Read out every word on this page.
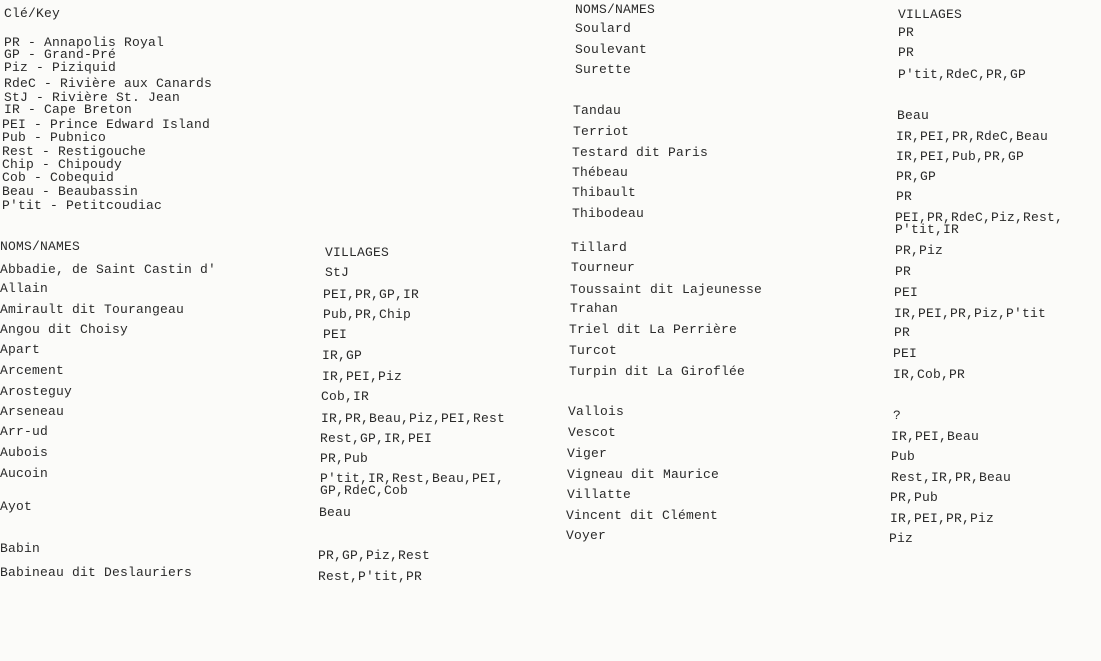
Clé/Key
PR - Annapolis Royal
GP - Grand-Pré
Piz - Piziquid
RdeC - Rivière aux Canards
StJ - Rivière St. Jean
IR - Cape Breton
PEI - Prince Edward Island
Pub - Pubnico
Rest - Restigouche
Chip - Chipoudy
Cob - Cobequid
Beau - Beaubassin
P'tit - Petitcoudiac
NOMS/NAMES
Abbadie, de Saint Castin d'
Allain
Amirault dit Tourangeau
Angou dit Choisy
Apart
Arcement
Arosteguy
Arseneau
Arr-ud
Aubois
Aucoin
Ayot
Babin
Babineau dit Deslauriers
VILLAGES
StJ
PEI,PR,GP,IR
Pub,PR,Chip
PEI
IR,GP
IR,PEI,Piz
Cob,IR
IR,PR,Beau,Piz,PEI,Rest
Rest,GP,IR,PEI
PR,Pub
P'tit,IR,Rest,Beau,PEI,
GP,RdeC,Cob
Beau
PR,GP,Piz,Rest
Rest,P'tit,PR
NOMS/NAMES
Soulard
Soulevant
Surette
Tandau
Terriot
Testard dit Paris
Thébeau
Thibault
Thibodeau
Tillard
Tourneur
Toussaint dit Lajeunesse
Trahan
Triel dit La Perrière
Turcot
Turpin dit La Giroflée
Vallois
Vescot
Viger
Vigneau dit Maurice
Villatte
Vincent dit Clément
Voyer
VILLAGES
PR
PR
P'tit,RdeC,PR,GP
Beau
IR,PEI,PR,RdeC,Beau
IR,PEI,Pub,PR,GP
PR,GP
PR
PEI,PR,RdeC,Piz,Rest,
P'tit,IR
PR,Piz
PR
PEI
IR,PEI,PR,Piz,P'tit
PR
PEI
IR,Cob,PR
?
IR,PEI,Beau
Pub
Rest,IR,PR,Beau
PR,Pub
IR,PEI,PR,Piz
Piz
